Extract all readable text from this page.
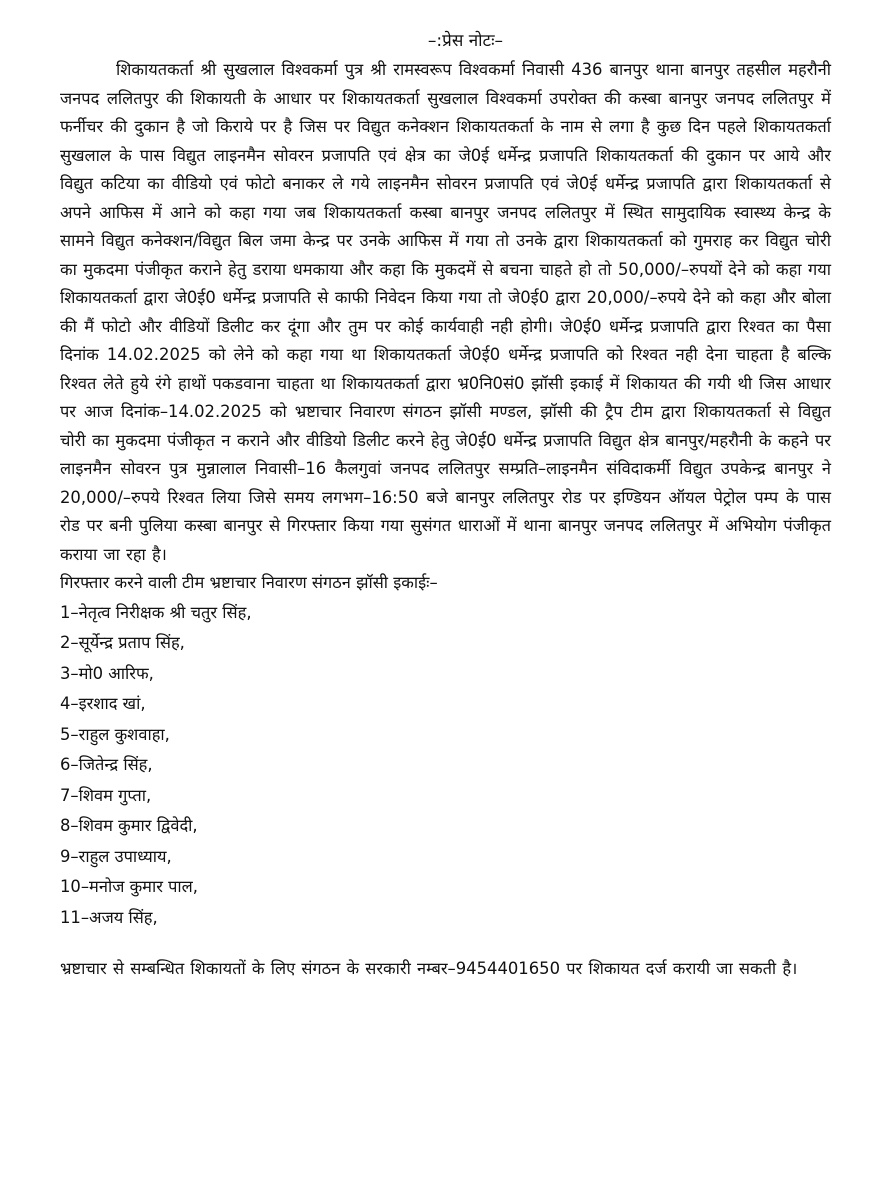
–:प्रेस नोटः–

शिकायतकर्ता श्री सुखलाल विश्वकर्मा पुत्र श्री रामस्वरूप विश्वकर्मा निवासी 436 बानपुर थाना बानपुर तहसील महरौनी जनपद ललितपुर की शिकायती के आधार पर शिकायतकर्ता सुखलाल विश्वकर्मा उपरोक्त की कस्बा बानपुर जनपद ललितपुर में फर्नीचर की दुकान है जो किराये पर है जिस पर विद्युत कनेक्शन शिकायतकर्ता के नाम से लगा है कुछ दिन पहले शिकायतकर्ता सुखलाल के पास विद्युत लाइनमैन सोवरन प्रजापति एवं क्षेत्र का जे0ई धर्मेन्द्र प्रजापति शिकायतकर्ता की दुकान पर आये और विद्युत कटिया का वीडियो एवं फोटो बनाकर ले गये लाइनमैन सोवरन प्रजापति एवं जे0ई धर्मेन्द्र प्रजापति द्वारा शिकायतकर्ता से अपने आफिस में आने को कहा गया जब शिकायतकर्ता कस्बा बानपुर जनपद ललितपुर में स्थित सामुदायिक स्वास्थ्य केन्द्र के सामने विद्युत कनेक्शन/विद्युत बिल जमा केन्द्र पर उनके आफिस में गया तो उनके द्वारा शिकायतकर्ता को गुमराह कर विद्युत चोरी का मुकदमा पंजीकृत कराने हेतु डराया धमकाया और कहा कि मुकदमें से बचना चाहते हो तो 50,000/–रुपयों देने को कहा गया शिकायतकर्ता द्वारा जे0ई0 धर्मेन्द्र प्रजापति से काफी निवेदन किया गया तो जे0ई0 द्वारा 20,000/–रुपये देने को कहा और बोला की मैं फोटो और वीडियों डिलीट कर दूंगा और तुम पर कोई कार्यवाही नही होगी। जे0ई0 धर्मेन्द्र प्रजापति द्वारा रिश्वत का पैसा दिनांक 14.02.2025 को लेने को कहा गया था शिकायतकर्ता जे0ई0 धर्मेन्द्र प्रजापति को रिश्वत नही देना चाहता है बल्कि रिश्वत लेते हुये रंगे हाथों पकडवाना चाहता था शिकायतकर्ता द्वारा भ्र0नि0सं0 झॉसी इकाई में शिकायत की गयी थी जिस आधार पर आज दिनांक–14.02.2025 को भ्रष्टाचार निवारण संगठन झॉसी मण्डल, झॉसी की ट्रैप टीम द्वारा शिकायतकर्ता से विद्युत चोरी का मुकदमा पंजीकृत न कराने और वीडियो डिलीट करने हेतु जे0ई0 धर्मेन्द्र प्रजापति विद्युत क्षेत्र बानपुर/महरौनी के कहने पर लाइनमैन सोवरन पुत्र मुन्नालाल निवासी–16 कैलगुवां जनपद ललितपुर सम्प्रति–लाइनमैन संविदाकर्मी विद्युत उपकेन्द्र बानपुर ने 20,000/–रुपये रिश्वत लिया जिसे समय लगभग–16:50 बजे बानपुर ललितपुर रोड पर इण्डियन ऑयल पेट्रोल पम्प के पास रोड पर बनी पुलिया कस्बा बानपुर से गिरफ्तार किया गया सुसंगत धाराओं में थाना बानपुर जनपद ललितपुर में अभियोग पंजीकृत कराया जा रहा है।

गिरफ्तार करने वाली टीम भ्रष्टाचार निवारण संगठन झॉसी इकाईः–
1–नेतृत्व निरीक्षक श्री चतुर सिंह,
2–सूर्येन्द्र प्रताप सिंह,
3–मो0 आरिफ,
4–इरशाद खां,
5–राहुल कुशवाहा,
6–जितेन्द्र सिंह,
7–शिवम गुप्ता,
8–शिवम कुमार द्विवेदी,
9–राहुल उपाध्याय,
10–मनोज कुमार पाल,
11–अजय सिंह,

भ्रष्टाचार से सम्बन्धित शिकायतों के लिए संगठन के सरकारी नम्बर–9454401650 पर शिकायत दर्ज करायी जा सकती है।
